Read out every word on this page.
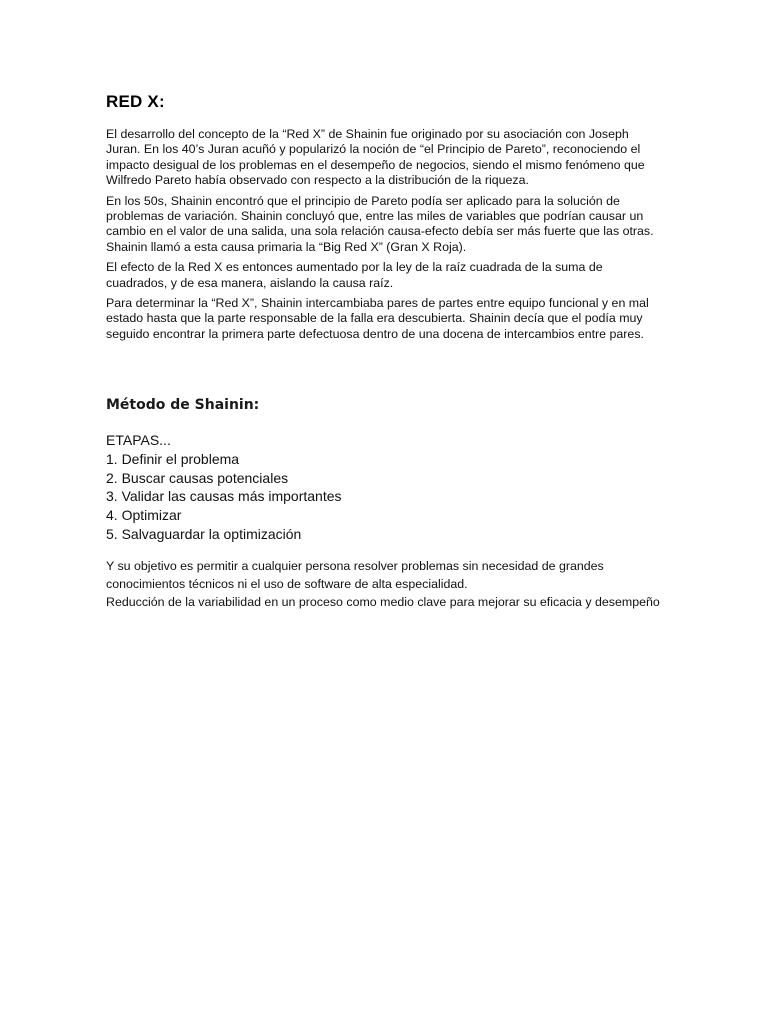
RED X:

El desarrollo del concepto de la “Red X” de Shainin fue originado por su asociación con Joseph Juran. En los 40’s Juran acuñó y popularizó la noción de “el Principio de Pareto”, reconociendo el impacto desigual de los problemas en el desempeño de negocios, siendo el mismo fenómeno que Wilfredo Pareto había observado con respecto a la distribución de la riqueza.

En los 50s, Shainin encontró que el principio de Pareto podía ser aplicado para la solución de problemas de variación. Shainin concluyó que, entre las miles de variables que podrían causar un cambio en el valor de una salida, una sola relación causa-efecto debía ser más fuerte que las otras. Shainin llamó a esta causa primaria la “Big Red X” (Gran X Roja).

El efecto de la Red X es entonces aumentado por la ley de la raíz cuadrada de la suma de cuadrados, y de esa manera, aislando la causa raíz.

Para determinar la “Red X”, Shainin intercambiaba pares de partes entre equipo funcional y en mal estado hasta que la parte responsable de la falla era descubierta. Shainin decía que el podía muy seguido encontrar la primera parte defectuosa dentro de una docena de intercambios entre pares.

Método de Shainin:

ETAPAS...

1. Definir el problema

2. Buscar causas potenciales

3. Validar las causas más importantes

4. Optimizar

5. Salvaguardar la optimización

Y su objetivo es permitir a cualquier persona resolver problemas sin necesidad de grandes conocimientos técnicos ni el uso de software de alta especialidad.

Reducción de la variabilidad en un proceso como medio clave para mejorar su eficacia y desempeño
